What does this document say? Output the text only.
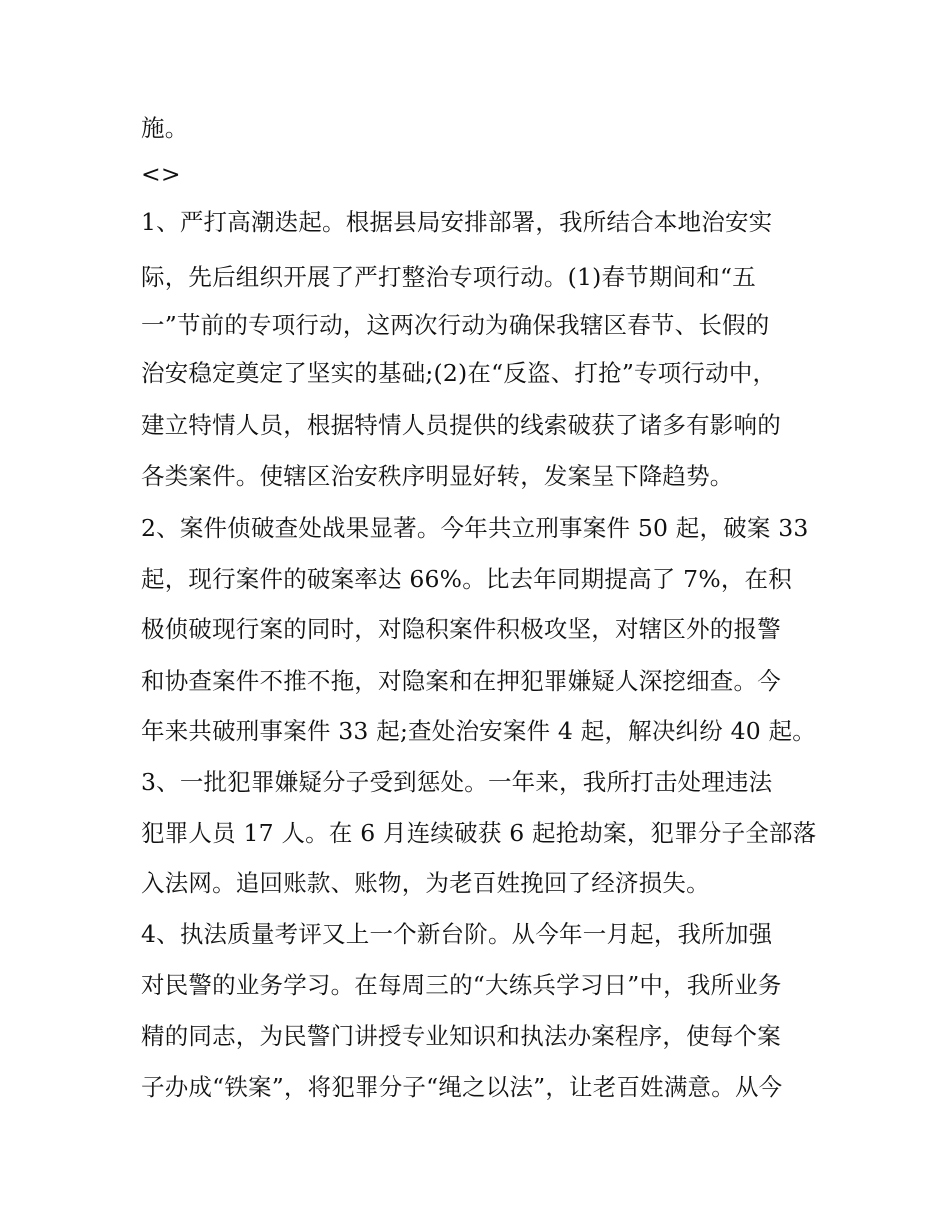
施。
<>
1、严打高潮迭起。根据县局安排部署，我所结合本地治安实
际，先后组织开展了严打整治专项行动。(1)春节期间和“五
一”节前的专项行动，这两次行动为确保我辖区春节、长假的
治安稳定奠定了坚实的基础;(2)在“反盗、打抢”专项行动中，
建立特情人员，根据特情人员提供的线索破获了诸多有影响的
各类案件。使辖区治安秩序明显好转，发案呈下降趋势。
2、案件侦破查处战果显著。今年共立刑事案件 50 起，破案 33
起，现行案件的破案率达 66%。比去年同期提高了 7%，在积
极侦破现行案的同时，对隐积案件积极攻坚，对辖区外的报警
和协查案件不推不拖，对隐案和在押犯罪嫌疑人深挖细查。今
年来共破刑事案件 33 起;查处治安案件 4 起，解决纠纷 40 起。
3、一批犯罪嫌疑分子受到惩处。一年来，我所打击处理违法
犯罪人员 17 人。在 6 月连续破获 6 起抢劫案，犯罪分子全部落
入法网。追回账款、账物，为老百姓挽回了经济损失。
4、执法质量考评又上一个新台阶。从今年一月起，我所加强
对民警的业务学习。在每周三的“大练兵学习日”中，我所业务
精的同志，为民警门讲授专业知识和执法办案程序，使每个案
子办成“铁案”，将犯罪分子“绳之以法”，让老百姓满意。从今
